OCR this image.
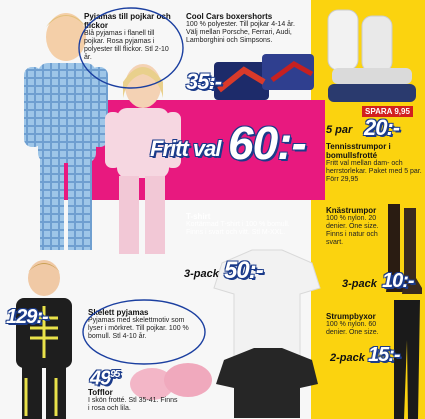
Pyjamas till pojkar och flickor
Blå pyjamas i flanell till pojkar. Rosa pyjamas i polyester till flickor. Stl 2-10 år.
Cool Cars boxershorts
100 % polyester. Till pojkar 4-14 år. Välj mellan Porsche, Ferrari, Audi, Lamborghini och Simpsons.
35:-
Fritt val 60:-
T-shirt
Kortärmad T-shirt i 100 % bomull. Finns i svart och vitt. Stl M-XXL.
3-pack 50:-
129:-	Skelett pyjamas
Pyjamas med skelettmotiv som lyser i mörkret. Till pojkar. 100 % bomull. Stl 4-10 år.
$49^{95}$
Tofflor
I skön frotté. Stl 35-41. Finns i rosa och lila.
SPARA 9,95
5 par 20:-
Tennisstrumpor i bomullsfrotté
Fritt val mellan dam- och herrstorlekar. Paket med 5 par. Förr 29,95
Knästrumpor
100 % nylon. 20 denier. One size. Finns i natur och svart.
3-pack 10:-
Strumpbyxor
100 % nylon. 60 denier. One size.
2-pack 15:-
